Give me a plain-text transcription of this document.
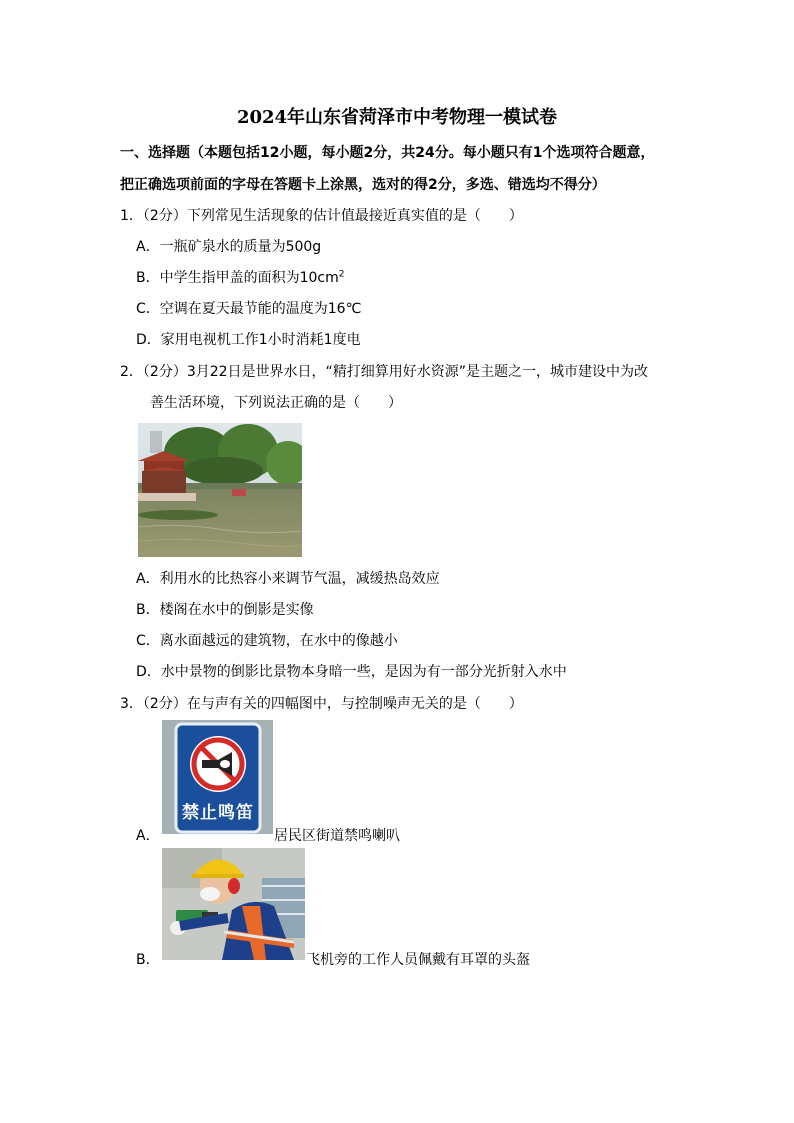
2024年山东省菏泽市中考物理一模试卷
一、选择题（本题包括12小题，每小题2分，共24分。每小题只有1个选项符合题意，
把正确选项前面的字母在答题卡上涂黑，选对的得2分，多选、错选均不得分）
1．（2分）下列常见生活现象的估计值最接近真实值的是（　　）
A．一瓶矿泉水的质量为500g
B．中学生指甲盖的面积为$10cm^2$
C．空调在夏天最节能的温度为16℃
D．家用电视机工作1小时消耗1度电
2．（2分）3月22日是世界水日，“精打细算用好水资源”是主题之一，城市建设中为改
善生活环境，下列说法正确的是（　　）
A．利用水的比热容小来调节气温，减缓热岛效应
B．楼阁在水中的倒影是实像
C．离水面越远的建筑物，在水中的像越小
D．水中景物的倒影比景物本身暗一些，是因为有一部分光折射入水中
3．（2分）在与声有关的四幅图中，与控制噪声无关的是（　　）
禁止鸣笛
A．	居民区街道禁鸣喇叭
B．	飞机旁的工作人员佩戴有耳罩的头盔
